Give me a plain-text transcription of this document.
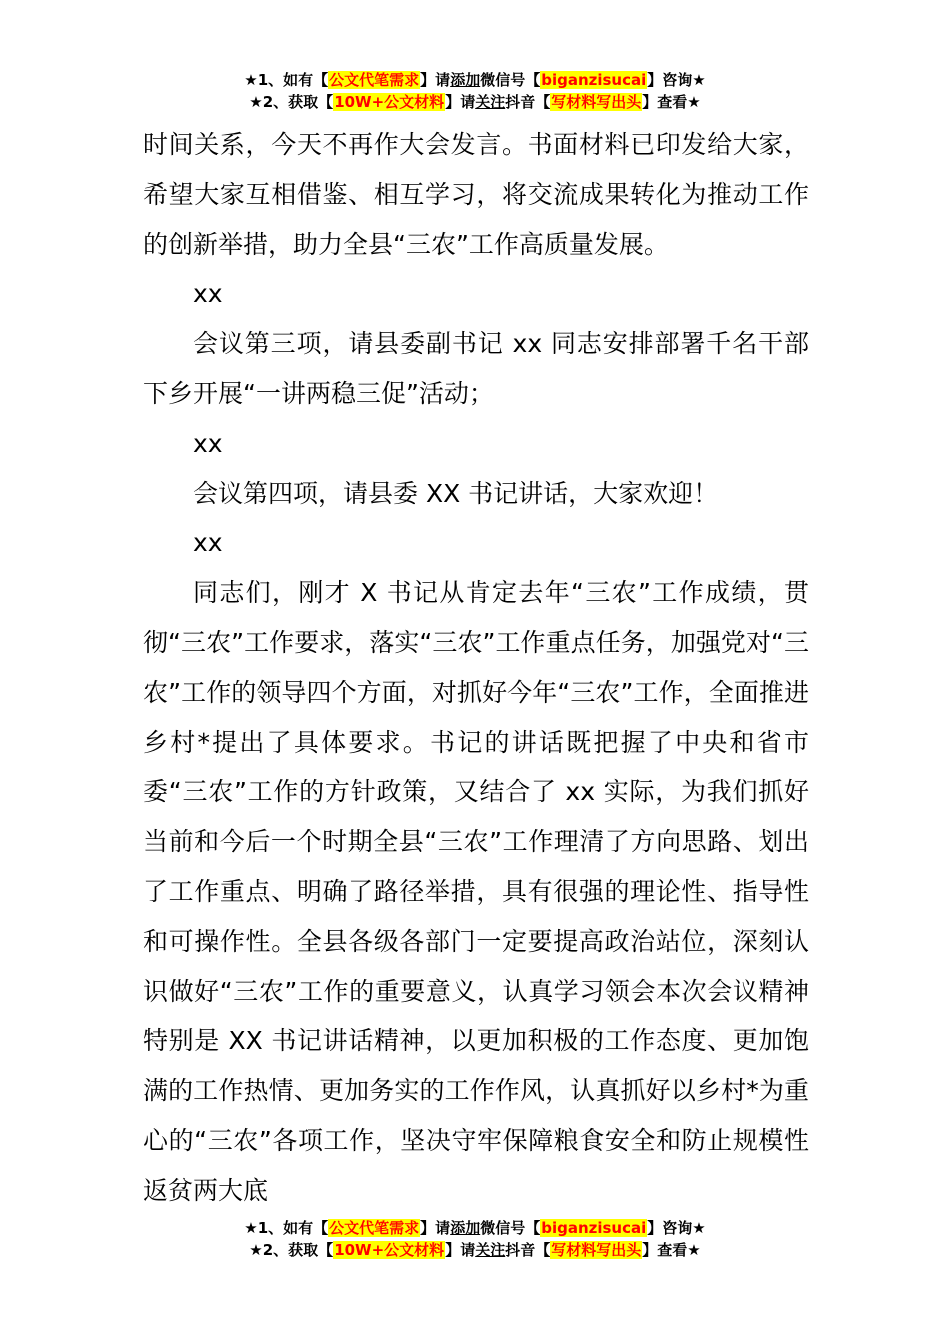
★1、如有【公文代笔需求】请添加微信号【biganzisucai】咨询★
★2、获取【10W+公文材料】请关注抖音【写材料写出头】查看★

时间关系，今天不再作大会发言。书面材料已印发给大家，希望大家互相借鉴、相互学习，将交流成果转化为推动工作的创新举措，助力全县“三农”工作高质量发展。

xx

会议第三项，请县委副书记 xx 同志安排部署千名干部下乡开展“一讲两稳三促”活动；

xx

会议第四项，请县委 XX 书记讲话，大家欢迎！

xx

同志们，刚才 X 书记从肯定去年“三农”工作成绩，贯彻“三农”工作要求，落实“三农”工作重点任务，加强党对“三农”工作的领导四个方面，对抓好今年“三农”工作，全面推进乡村*提出了具体要求。书记的讲话既把握了中央和省市委“三农”工作的方针政策，又结合了 xx 实际，为我们抓好当前和今后一个时期全县“三农”工作理清了方向思路、划出了工作重点、明确了路径举措，具有很强的理论性、指导性和可操作性。全县各级各部门一定要提高政治站位，深刻认识做好“三农”工作的重要意义，认真学习领会本次会议精神特别是 XX 书记讲话精神，以更加积极的工作态度、更加饱满的工作热情、更加务实的工作作风，认真抓好以乡村*为重心的“三农”各项工作，坚决守牢保障粮食安全和防止规模性返贫两大底

★1、如有【公文代笔需求】请添加微信号【biganzisucai】咨询★
★2、获取【10W+公文材料】请关注抖音【写材料写出头】查看★
